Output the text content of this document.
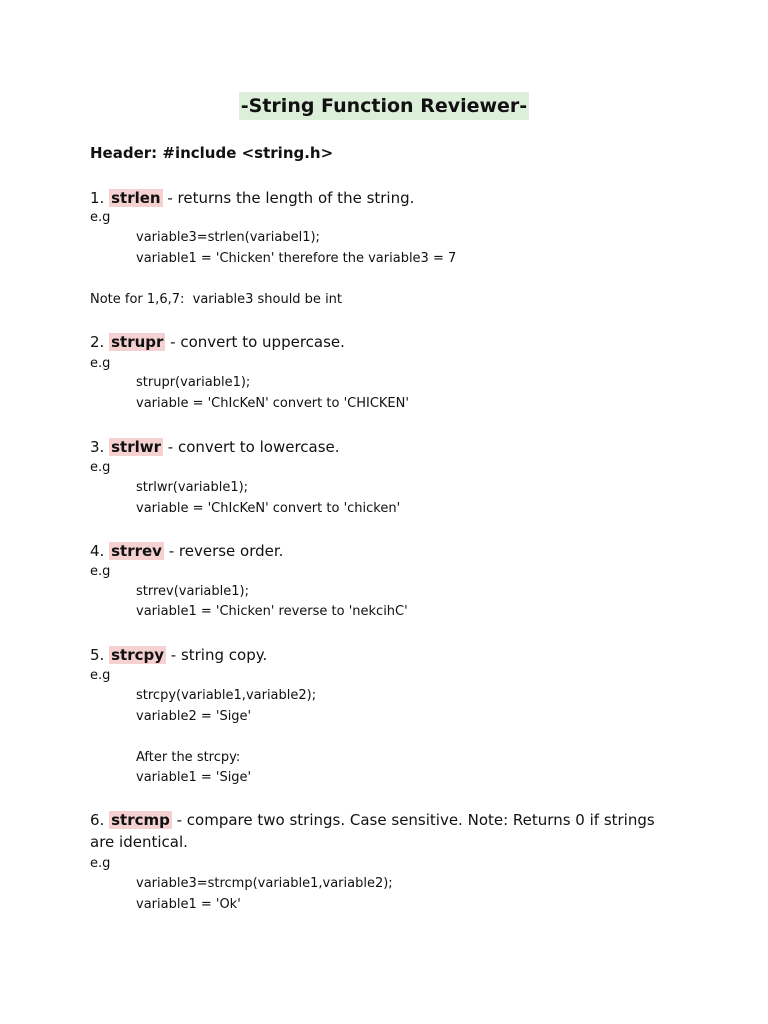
-String Function Reviewer-
Header: #include <string.h>
1. strlen - returns the length of the string.
e.g
variable3=strlen(variabel1);
variable1 = 'Chicken' therefore the variable3 = 7
Note for 1,6,7:  variable3 should be int
2. strupr - convert to uppercase.
e.g
strupr(variable1);
variable = 'ChIcKeN' convert to 'CHICKEN'
3. strlwr - convert to lowercase.
e.g
strlwr(variable1);
variable = 'ChIcKeN' convert to 'chicken'
4. strrev - reverse order.
e.g
strrev(variable1);
variable1 = 'Chicken' reverse to 'nekcihC'
5. strcpy - string copy.
e.g
strcpy(variable1,variable2);
variable2 = 'Sige'
After the strcpy:
variable1 = 'Sige'
6. strcmp - compare two strings. Case sensitive. Note: Returns 0 if strings are identical.
e.g
variable3=strcmp(variable1,variable2);
variable1 = 'Ok'
